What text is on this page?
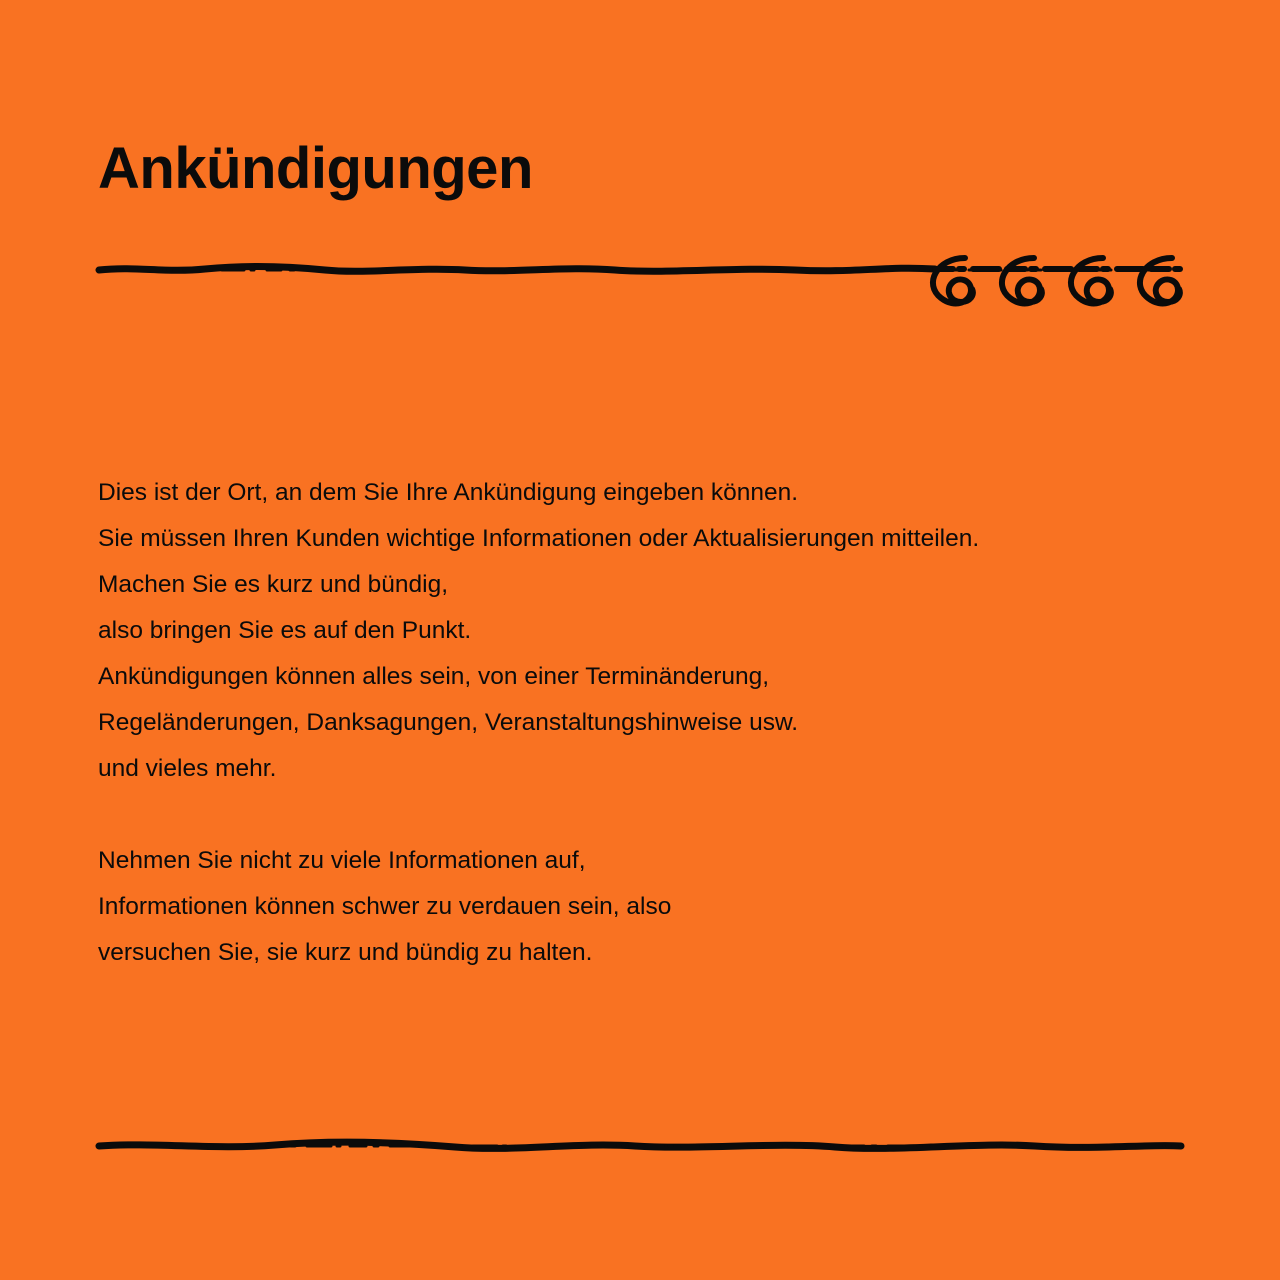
Ankündigungen

Dies ist der Ort, an dem Sie Ihre Ankündigung eingeben können.

Sie müssen Ihren Kunden wichtige Informationen oder Aktualisierungen mitteilen.

Machen Sie es kurz und bündig,

also bringen Sie es auf den Punkt.

Ankündigungen können alles sein, von einer Terminänderung,

Regeländerungen, Danksagungen, Veranstaltungshinweise usw.

und vieles mehr.

Nehmen Sie nicht zu viele Informationen auf,

Informationen können schwer zu verdauen sein, also

versuchen Sie, sie kurz und bündig zu halten.
